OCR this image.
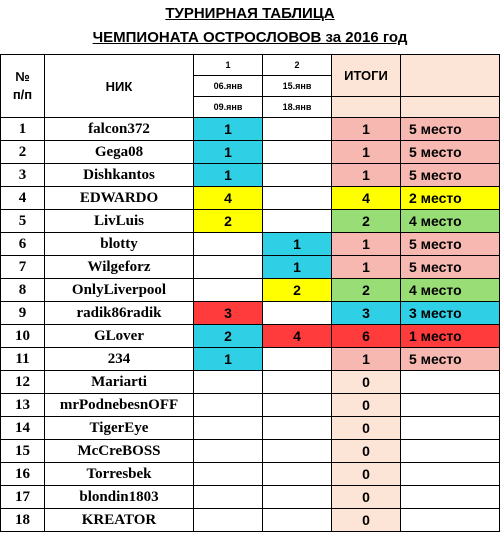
ТУРНИРНАЯ ТАБЛИЦА
ЧЕМПИОНАТА ОСТРОСЛОВОВ за 2016 год
№
п/п	НИК	1	2	ИТОГИ	
		06.янв	15.янв		
		09.янв	18.янв		
1	falcon372	1		1	5 место
2	Gega08	1		1	5 место
3	Dishkantos	1		1	5 место
4	EDWARDO	4		4	2 место
5	LivLuis	2		2	4 место
6	blotty		1	1	5 место
7	Wilgeforz		1	1	5 место
8	OnlyLiverpool		2	2	4 место
9	radik86radik	3		3	3 место
10	GLover	2	4	6	1 место
11	234	1		1	5 место
12	Mariarti			0	
13	mrPodnebesnOFF			0	
14	TigerEye			0	
15	McCreBOSS			0	
16	Torresbek			0	
17	blondin1803			0	
18	KREATOR			0	
